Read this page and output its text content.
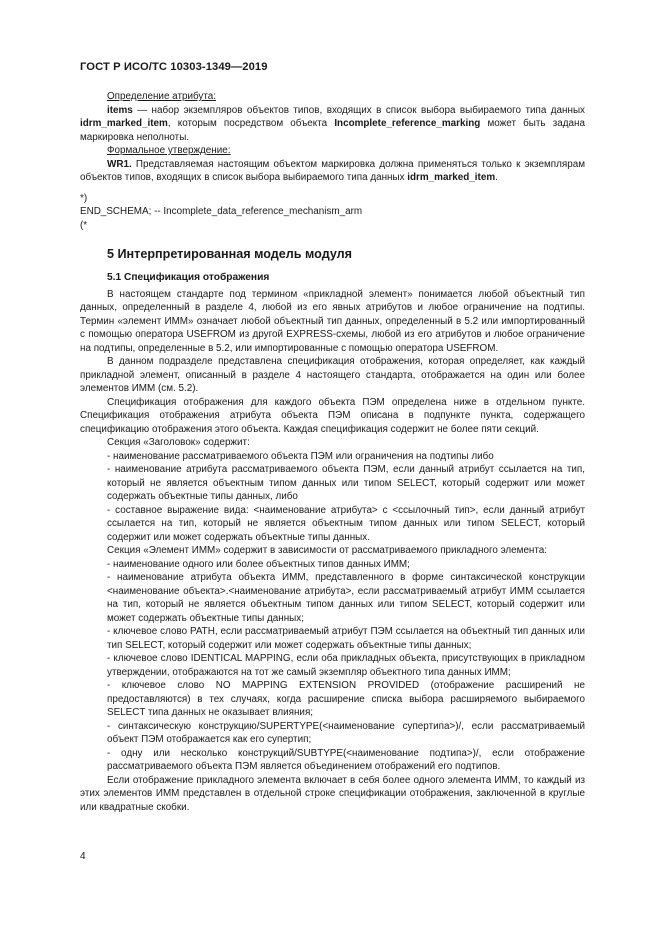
ГОСТ Р ИСО/ТС 10303-1349—2019

Определение атрибута:

items — набор экземпляров объектов типов, входящих в список выбора выбираемого типа данных idrm_marked_item, которым посредством объекта Incomplete_reference_marking может быть задана маркировка неполноты.

Формальное утверждение:

WR1. Представляемая настоящим объектом маркировка должна применяться только к экземплярам объектов типов, входящих в список выбора выбираемого типа данных idrm_marked_item.

*)

END_SCHEMA; -- Incomplete_data_reference_mechanism_arm

(*

5 Интерпретированная модель модуля
5.1 Спецификация отображения

В настоящем стандарте под термином «прикладной элемент» понимается любой объектный тип данных, определенный в разделе 4, любой из его явных атрибутов и любое ограничение на подтипы. Термин «элемент ИММ» означает любой объектный тип данных, определенный в 5.2 или импортированный с помощью оператора USEFROM из другой EXPRESS-схемы, любой из его атрибутов и любое ограничение на подтипы, определенные в 5.2, или импортированные с помощью оператора USEFROM.

В данном подразделе представлена спецификация отображения, которая определяет, как каждый прикладной элемент, описанный в разделе 4 настоящего стандарта, отображается на один или более элементов ИММ (см. 5.2).

Спецификация отображения для каждого объекта ПЭМ определена ниже в отдельном пункте. Спецификация отображения атрибута объекта ПЭМ описана в подпункте пункта, содержащего спецификацию отображения этого объекта. Каждая спецификация содержит не более пяти секций.

Секция «Заголовок» содержит:

- наименование рассматриваемого объекта ПЭМ или ограничения на подтипы либо

- наименование атрибута рассматриваемого объекта ПЭМ, если данный атрибут ссылается на тип, который не является объектным типом данных или типом SELECT, который содержит или может содержать объектные типы данных, либо

- составное выражение вида: <наименование атрибута> с <ссылочный тип>, если данный атрибут ссылается на тип, который не является объектным типом данных или типом SELECT, который содержит или может содержать объектные типы данных.

Секция «Элемент ИММ» содержит в зависимости от рассматриваемого прикладного элемента:

- наименование одного или более объектных типов данных ИММ;

- наименование атрибута объекта ИММ, представленного в форме синтаксической конструкции <наименование объекта>.<наименование атрибута>, если рассматриваемый атрибут ИММ ссылается на тип, который не является объектным типом данных или типом SELECT, который содержит или может содержать объектные типы данных;

- ключевое слово PATH, если рассматриваемый атрибут ПЭМ ссылается на объектный тип данных или тип SELECT, который содержит или может содержать объектные типы данных;

- ключевое слово IDENTICAL MAPPING, если оба прикладных объекта, присутствующих в прикладном утверждении, отображаются на тот же самый экземпляр объектного типа данных ИММ;

- ключевое слово NO MAPPING EXTENSION PROVIDED (отображение расширений не предоставляются) в тех случаях, когда расширение списка выбора расширяемого выбираемого SELECT типа данных не оказывает влияния;

- синтаксическую конструкцию/SUPERTYPE(<наименование супертипа>)/, если рассматриваемый объект ПЭМ отображается как его супертип;

- одну или несколько конструкций/SUBTYPE(<наименование подтипа>)/, если отображение рассматриваемого объекта ПЭМ является объединением отображений его подтипов.

Если отображение прикладного элемента включает в себя более одного элемента ИММ, то каждый из этих элементов ИММ представлен в отдельной строке спецификации отображения, заключенной в круглые или квадратные скобки.

4
